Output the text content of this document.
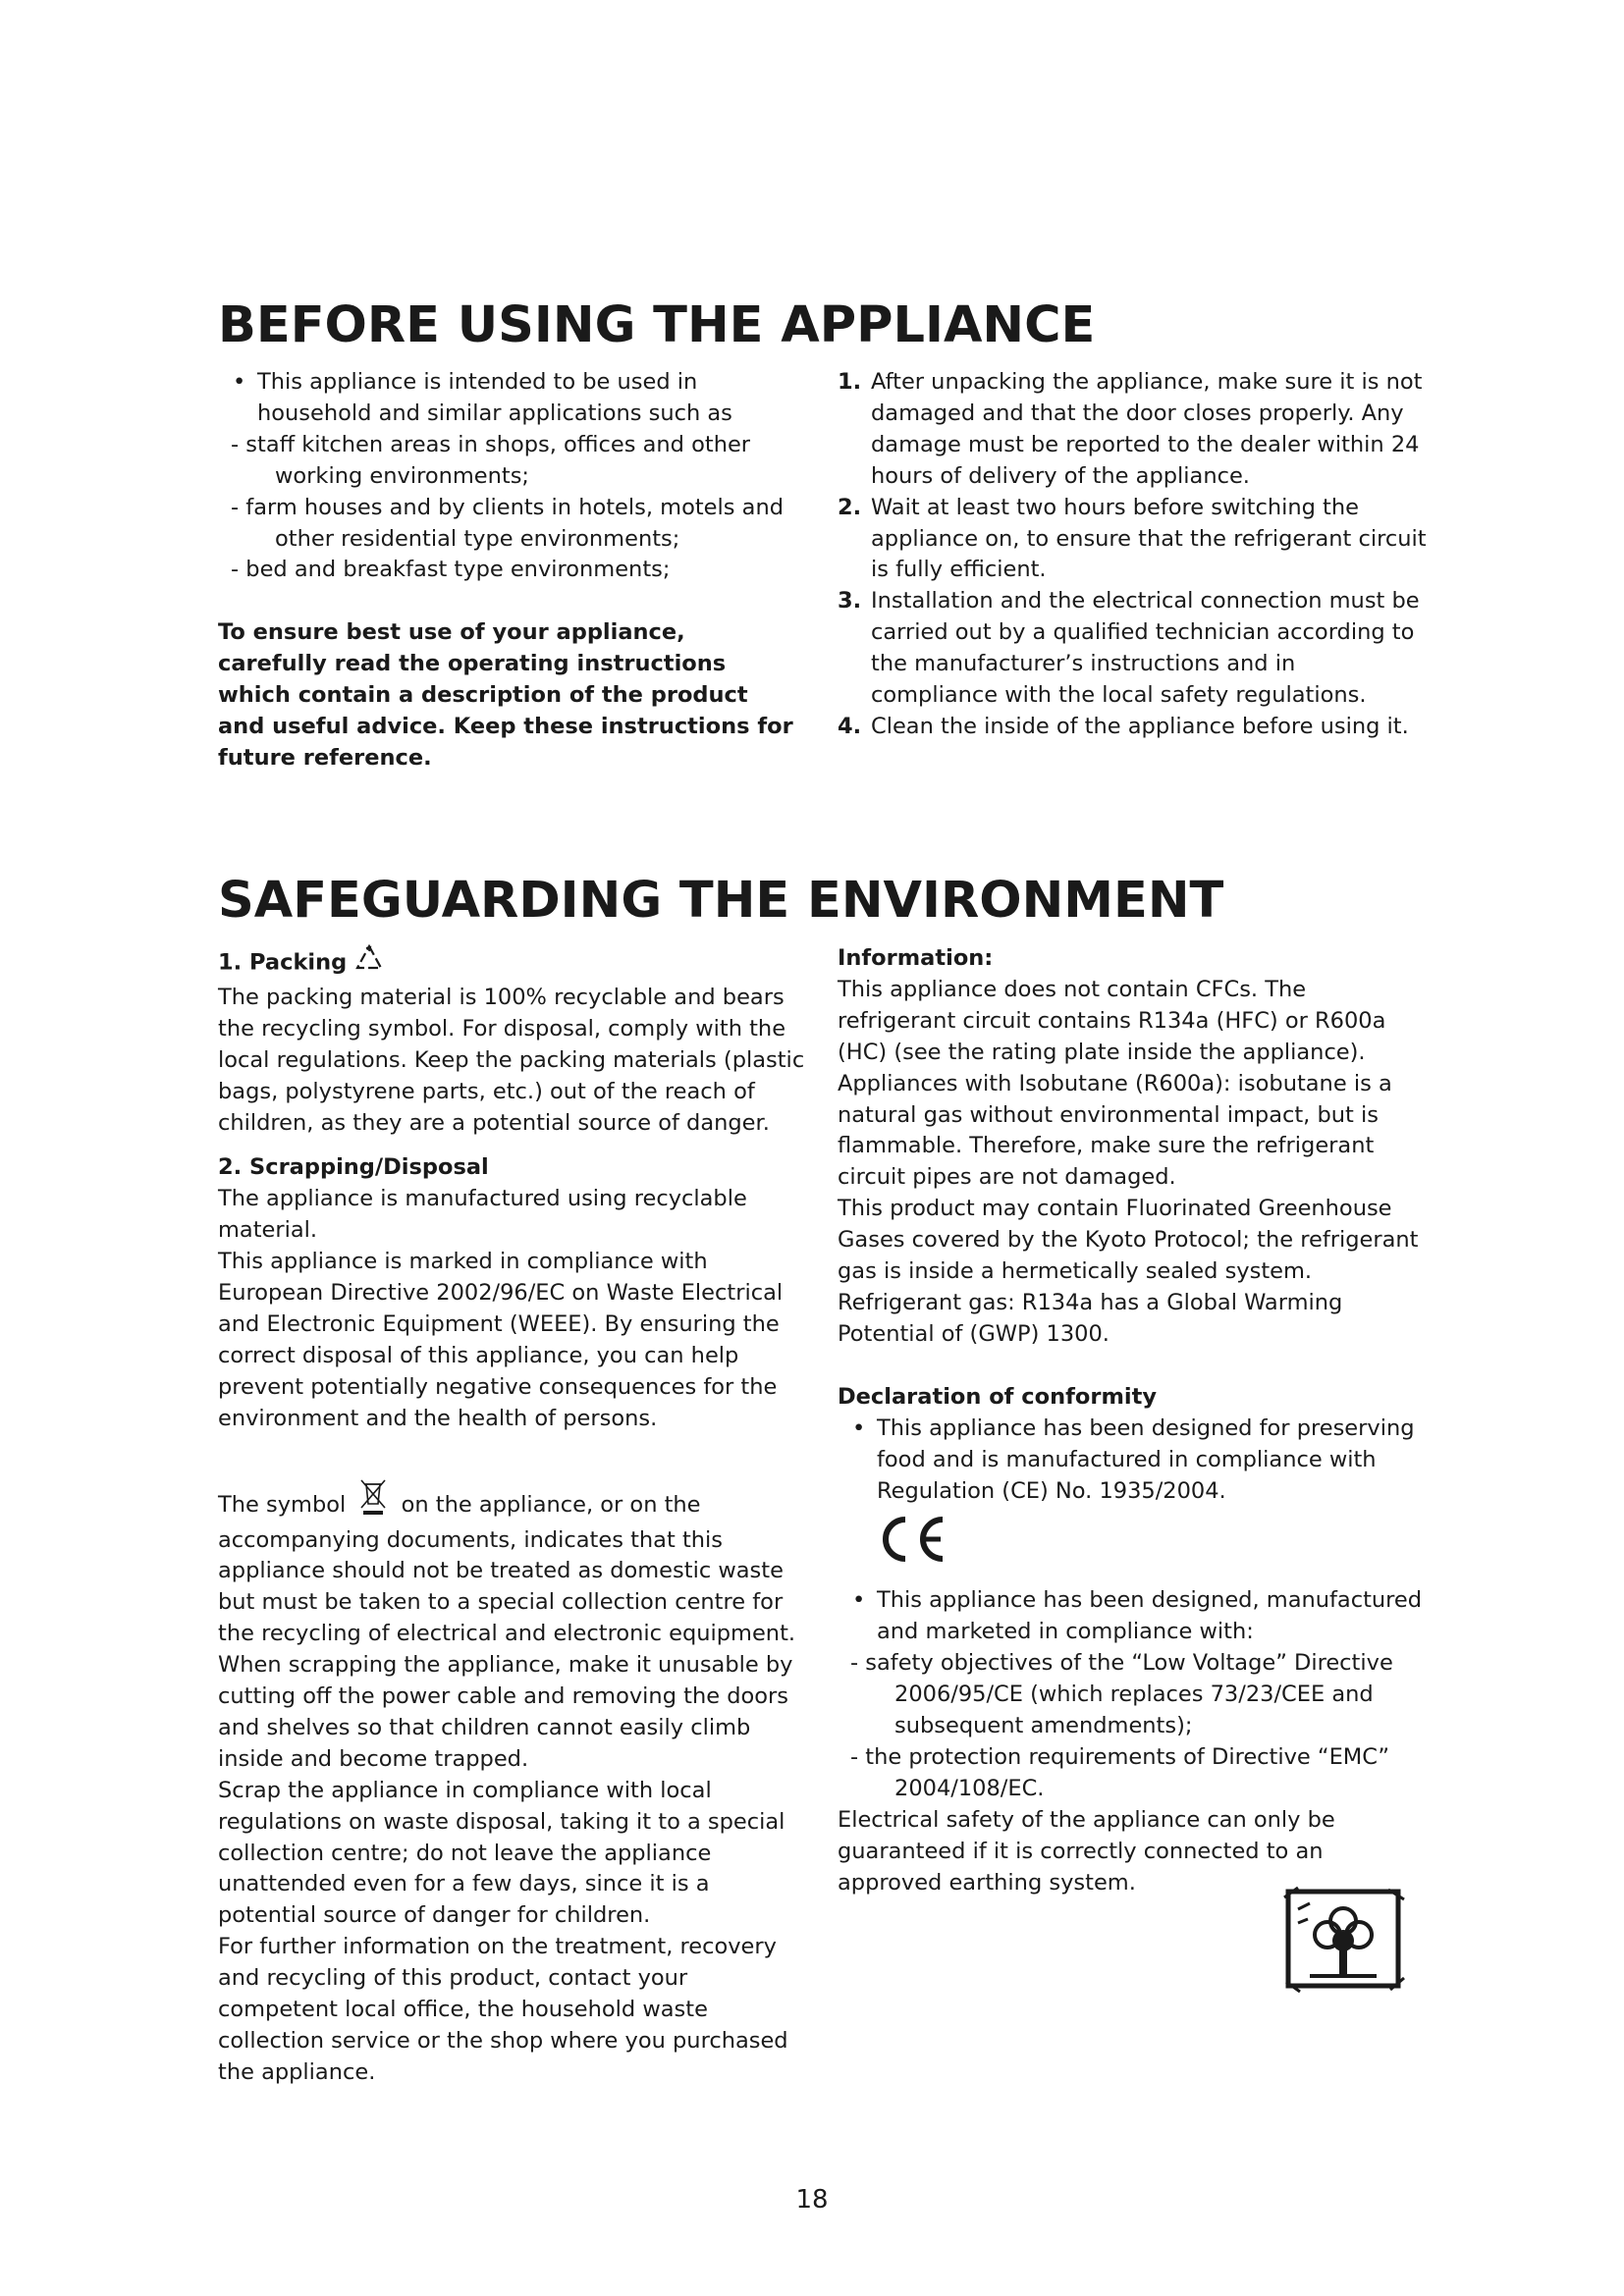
BEFORE USING THE APPLIANCE

• This appliance is intended to be used in household and similar applications such as

- staff kitchen areas in shops, offices and other working environments;

- farm houses and by clients in hotels, motels and other residential type environments;

- bed and breakfast type environments;

To ensure best use of your appliance, carefully read the operating instructions which contain a description of the product and useful advice. Keep these instructions for future reference.

1. After unpacking the appliance, make sure it is not damaged and that the door closes properly. Any damage must be reported to the dealer within 24 hours of delivery of the appliance.

2. Wait at least two hours before switching the appliance on, to ensure that the refrigerant circuit is fully efficient.

3. Installation and the electrical connection must be carried out by a qualified technician according to the manufacturer’s instructions and in compliance with the local safety regulations.

4. Clean the inside of the appliance before using it.

SAFEGUARDING THE ENVIRONMENT

1. Packing

The packing material is 100% recyclable and bears the recycling symbol. For disposal, comply with the local regulations. Keep the packing materials (plastic bags, polystyrene parts, etc.) out of the reach of children, as they are a potential source of danger.

2. Scrapping/Disposal

The appliance is manufactured using recyclable material.

This appliance is marked in compliance with European Directive 2002/96/EC on Waste Electrical and Electronic Equipment (WEEE). By ensuring the correct disposal of this appliance, you can help prevent potentially negative consequences for the environment and the health of persons.

The symbol	on the appliance, or on the accompanying documents, indicates that this appliance should not be treated as domestic waste but must be taken to a special collection centre for the recycling of electrical and electronic equipment.

When scrapping the appliance, make it unusable by cutting off the power cable and removing the doors and shelves so that children cannot easily climb inside and become trapped.

Scrap the appliance in compliance with local regulations on waste disposal, taking it to a special collection centre; do not leave the appliance unattended even for a few days, since it is a potential source of danger for children.

For further information on the treatment, recovery and recycling of this product, contact your competent local office, the household waste collection service or the shop where you purchased the appliance.

Information:

This appliance does not contain CFCs. The refrigerant circuit contains R134a (HFC) or R600a (HC) (see the rating plate inside the appliance).

Appliances with Isobutane (R600a): isobutane is a natural gas without environmental impact, but is flammable. Therefore, make sure the refrigerant circuit pipes are not damaged.

This product may contain Fluorinated Greenhouse Gases covered by the Kyoto Protocol; the refrigerant gas is inside a hermetically sealed system.

Refrigerant gas: R134a has a Global Warming Potential of (GWP) 1300.

Declaration of conformity

• This appliance has been designed for preserving food and is manufactured in compliance with Regulation (CE) No. 1935/2004.

• This appliance has been designed, manufactured and marketed in compliance with:

- safety objectives of the “Low Voltage” Directive 2006/95/CE (which replaces 73/23/CEE and subsequent amendments);

- the protection requirements of Directive “EMC” 2004/108/EC.

Electrical safety of the appliance can only be guaranteed if it is correctly connected to an approved earthing system.

18
